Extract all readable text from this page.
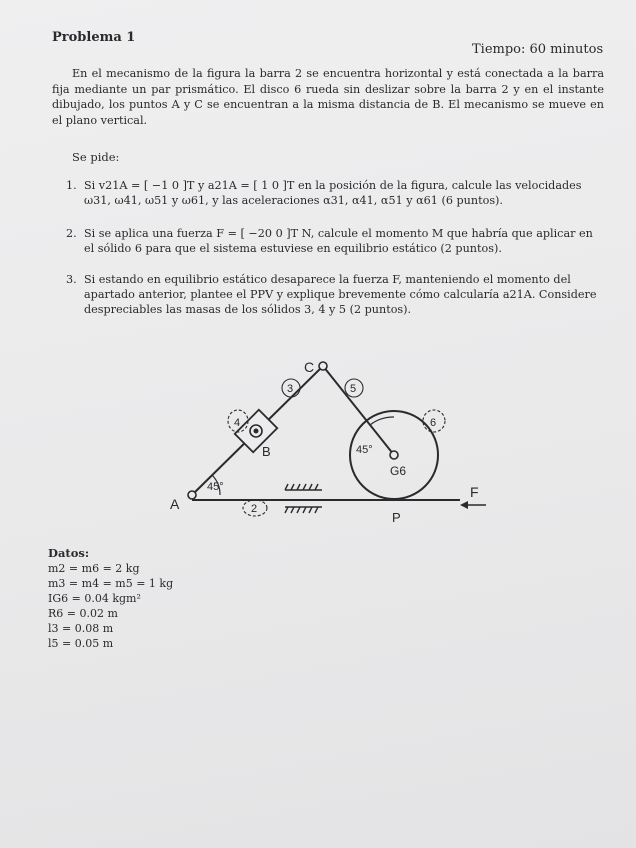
Problema 1
Tiempo: 60 minutos
En el mecanismo de la figura la barra 2 se encuentra horizontal y está conectada a la barra fija mediante un par prismático. El disco 6 rueda sin deslizar sobre la barra 2 y en el instante dibujado, los puntos A y C se encuentran a la misma distancia de B. El mecanismo se mueve en el plano vertical.
Se pide:
1. Si v21A = [ −1 0 ]T y a21A = [ 1 0 ]T en la posición de la figura, calcule las velocidades ω31, ω41, ω51 y ω61, y las aceleraciones α31, α41, α51 y α61 (6 puntos).
2. Si se aplica una fuerza F = [ −20 0 ]T N, calcule el momento M que habría que aplicar en el sólido 6 para que el sistema estuviese en equilibrio estático (2 puntos).
3. Si estando en equilibrio estático desaparece la fuerza F, manteniendo el momento del apartado anterior, plantee el PPV y explique brevemente cómo calcularía a21A. Considere despreciables las masas de los sólidos 3, 4 y 5 (2 puntos).
A
B
C
P
F
G6
3	5
4	6
2
45°
45°
Datos:
m2 = m6 = 2 kg
m3 = m4 = m5 = 1 kg
IG6 = 0.04 kgm²
R6 = 0.02 m
l3 = 0.08 m
l5 = 0.05 m
